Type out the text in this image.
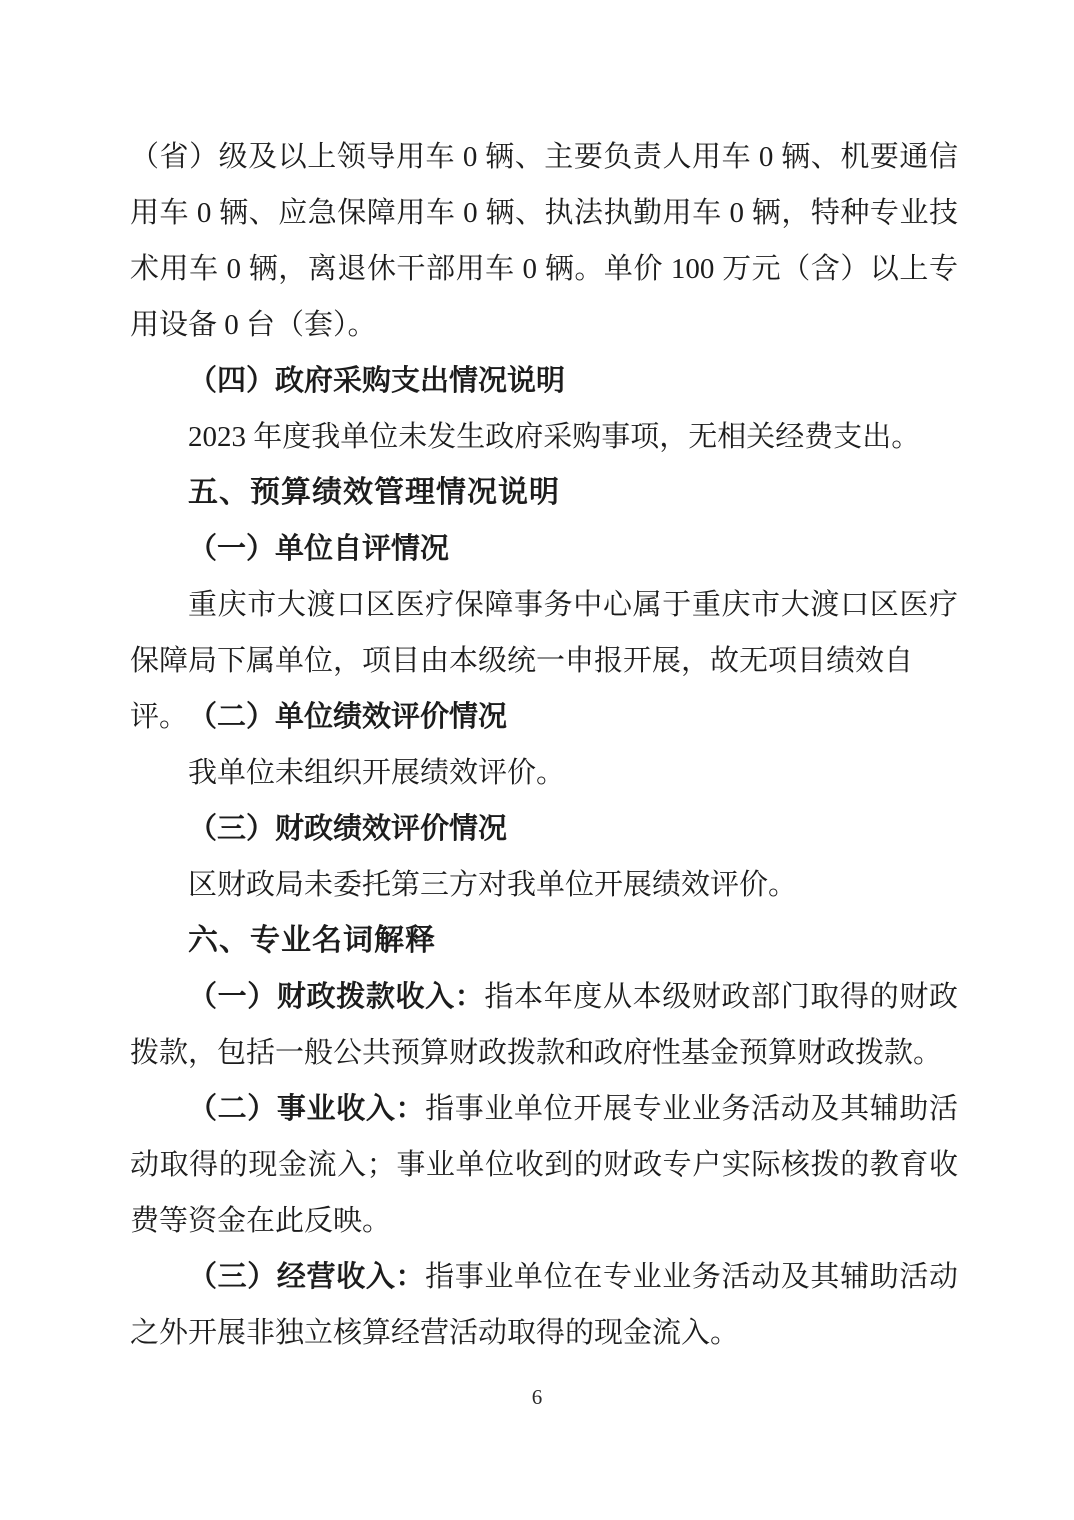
（省）级及以上领导用车 0 辆、主要负责人用车 0 辆、机要通信
用车 0 辆、应急保障用车 0 辆、执法执勤用车 0 辆，特种专业技
术用车 0 辆，离退休干部用车 0 辆。单价 100 万元（含）以上专
用设备 0 台（套）。
（四）政府采购支出情况说明
2023 年度我单位未发生政府采购事项，无相关经费支出。
五、预算绩效管理情况说明
（一）单位自评情况
重庆市大渡口区医疗保障事务中心属于重庆市大渡口区医疗
保障局下属单位，项目由本级统一申报开展，故无项目绩效自评。 （二）单位绩效评价情况
我单位未组织开展绩效评价。
（三）财政绩效评价情况
区财政局未委托第三方对我单位开展绩效评价。
六、专业名词解释
（一）财政拨款收入：指本年度从本级财政部门取得的财政
拨款，包括一般公共预算财政拨款和政府性基金预算财政拨款。
（二）事业收入：指事业单位开展专业业务活动及其辅助活
动取得的现金流入；事业单位收到的财政专户实际核拨的教育收
费等资金在此反映。
（三）经营收入：指事业单位在专业业务活动及其辅助活动
之外开展非独立核算经营活动取得的现金流入。
6
